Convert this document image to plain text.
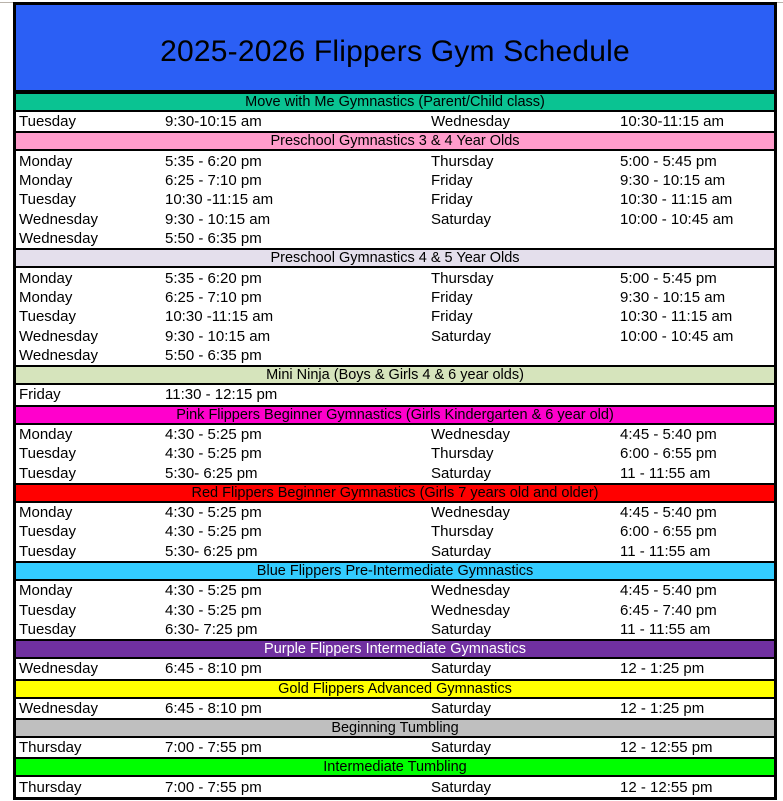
2025-2026 Flippers Gym Schedule
Move with Me Gymnastics (Parent/Child class)
Tuesday	9:30-10:15 am	Wednesday	10:30-11:15 am
Preschool Gymnastics 3 & 4 Year Olds
Monday	5:35 - 6:20 pm	Thursday	5:00 - 5:45 pm
Monday	6:25 - 7:10 pm	Friday	9:30 - 10:15 am
Tuesday	10:30 -11:15 am	Friday	10:30 - 11:15 am
Wednesday	9:30 - 10:15 am	Saturday	10:00 - 10:45 am
Wednesday	5:50 - 6:35 pm
Preschool Gymnastics 4 & 5 Year Olds
Monday	5:35 - 6:20 pm	Thursday	5:00 - 5:45 pm
Monday	6:25 - 7:10 pm	Friday	9:30 - 10:15 am
Tuesday	10:30 -11:15 am	Friday	10:30 - 11:15 am
Wednesday	9:30 - 10:15 am	Saturday	10:00 - 10:45 am
Wednesday	5:50 - 6:35 pm
Mini Ninja (Boys & Girls 4 & 6 year olds)
Friday	11:30 - 12:15 pm
Pink Flippers Beginner Gymnastics (Girls Kindergarten & 6 year old)
Monday	4:30 - 5:25 pm	Wednesday	4:45 - 5:40 pm
Tuesday	4:30 - 5:25 pm	Thursday	6:00 - 6:55 pm
Tuesday	5:30- 6:25 pm	Saturday	11 - 11:55 am
Red Flippers Beginner Gymnastics (Girls 7 years old and older)
Monday	4:30 - 5:25 pm	Wednesday	4:45 - 5:40 pm
Tuesday	4:30 - 5:25 pm	Thursday	6:00 - 6:55 pm
Tuesday	5:30- 6:25 pm	Saturday	11 - 11:55 am
Blue Flippers Pre-Intermediate Gymnastics
Monday	4:30 - 5:25 pm	Wednesday	4:45 - 5:40 pm
Tuesday	4:30 - 5:25 pm	Wednesday	6:45 - 7:40 pm
Tuesday	6:30- 7:25 pm	Saturday	11 - 11:55 am
Purple Flippers Intermediate Gymnastics
Wednesday	6:45 - 8:10 pm	Saturday	12 - 1:25 pm
Gold Flippers Advanced Gymnastics
Wednesday	6:45 - 8:10 pm	Saturday	12 - 1:25 pm
Beginning Tumbling
Thursday	7:00 - 7:55 pm	Saturday	12 - 12:55 pm
Intermediate Tumbling
Thursday	7:00 - 7:55 pm	Saturday	12 - 12:55 pm
